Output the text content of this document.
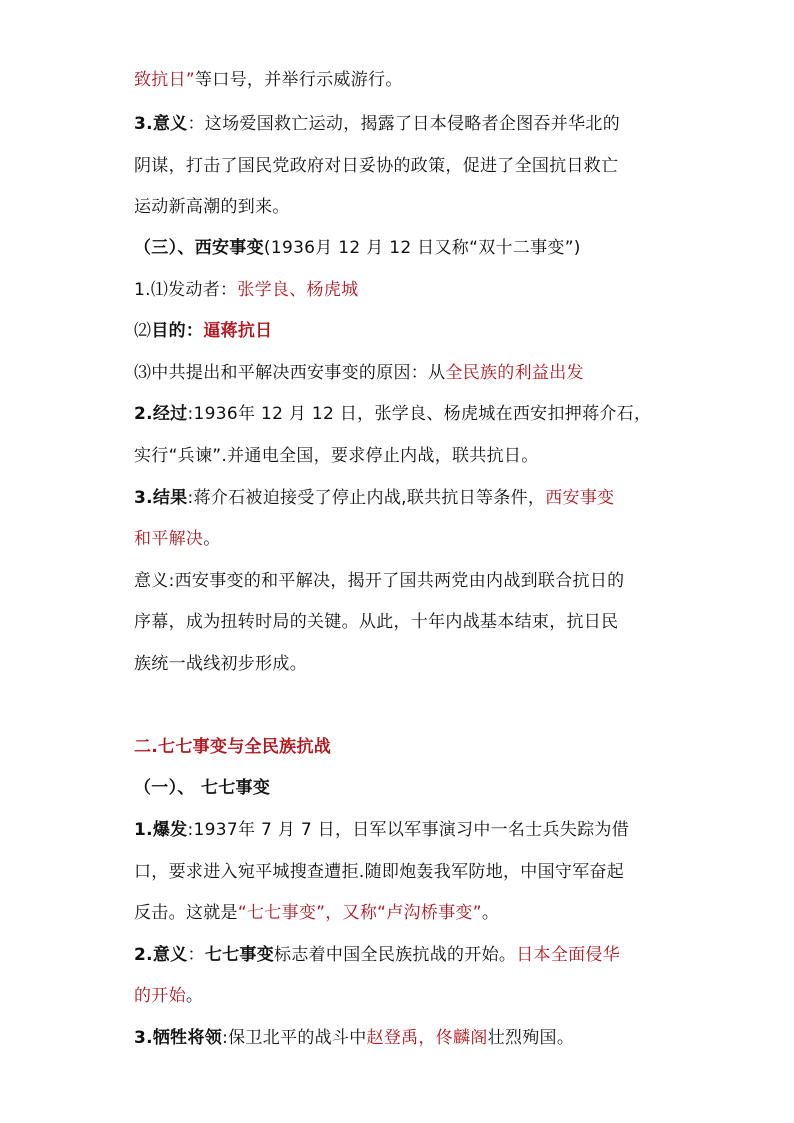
致抗日”等口号，并举行示威游行。

3.意义：这场爱国救亡运动，揭露了日本侵略者企图吞并华北的

阴谋，打击了国民党政府对日妥协的政策，促进了全国抗日救亡

运动新高潮的到来。

（三）、西安事变(1936月 12 月 12 日又称“双十二事变”)

1.⑴发动者：张学良、杨虎城

⑵目的：逼蒋抗日

⑶中共提出和平解决西安事变的原因：从全民族的利益出发

2.经过:1936年 12 月 12 日，张学良、杨虎城在西安扣押蒋介石，

实行“兵谏”.并通电全国，要求停止内战，联共抗日。

3.结果:蒋介石被迫接受了停止内战,联共抗日等条件，西安事变

和平解决。

意义:西安事变的和平解决，揭开了国共两党由内战到联合抗日的

序幕，成为扭转时局的关键。从此，十年内战基本结束，抗日民

族统一战线初步形成。

二.七七事变与全民族抗战

（一）、 七七事变

1.爆发:1937年 7 月 7 日，日军以军事演习中一名士兵失踪为借

口，要求进入宛平城搜查遭拒.随即炮轰我军防地，中国守军奋起

反击。这就是“七七事变”，又称“卢沟桥事变”。

2.意义：七七事变标志着中国全民族抗战的开始。日本全面侵华

的开始。

3.牺牲将领:保卫北平的战斗中赵登禹，佟麟阁壮烈殉国。
